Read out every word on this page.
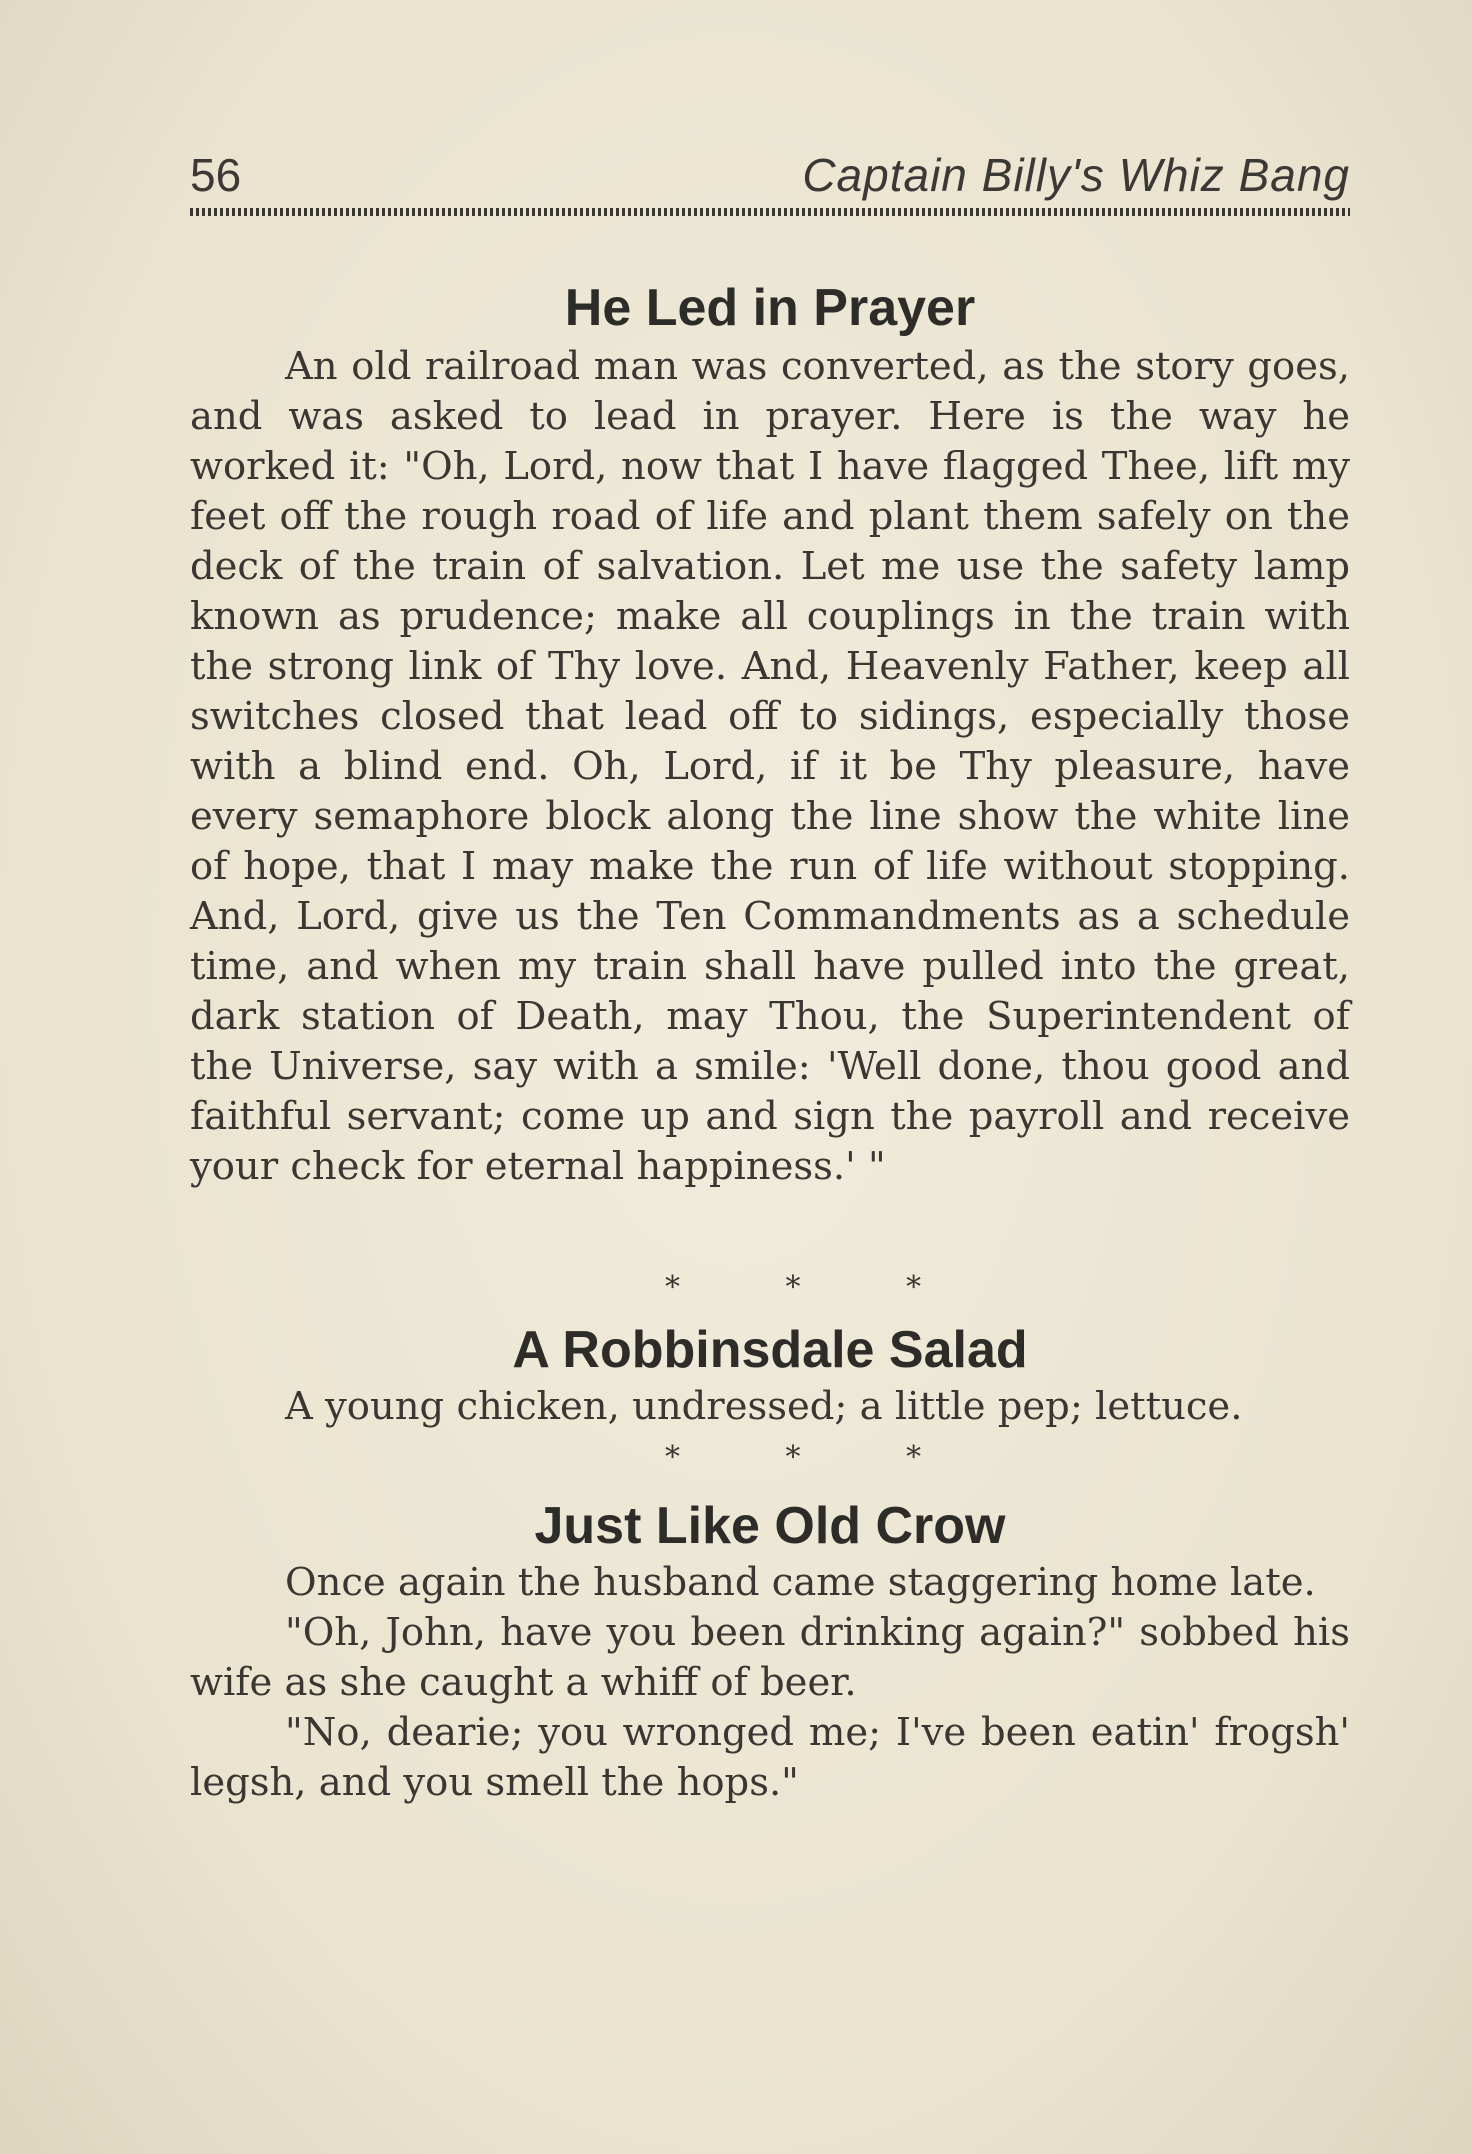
56	Captain Billy's Whiz Bang
He Led in Prayer

An old railroad man was converted, as the story goes, and was asked to lead in prayer. Here is the way he worked it: "Oh, Lord, now that I have flagged Thee, lift my feet off the rough road of life and plant them safely on the deck of the train of salvation. Let me use the safety lamp known as prudence; make all couplings in the train with the strong link of Thy love. And, Heavenly Father, keep all switches closed that lead off to sidings, especially those with a blind end. Oh, Lord, if it be Thy pleasure, have every semaphore block along the line show the white line of hope, that I may make the run of life without stopping. And, Lord, give us the Ten Commandments as a schedule time, and when my train shall have pulled into the great, dark station of Death, may Thou, the Superintendent of the Universe, say with a smile: 'Well done, thou good and faithful servant; come up and sign the payroll and receive your check for eternal happiness.' "

* * *
A Robbinsdale Salad

A young chicken, undressed; a little pep; lettuce.

* * *
Just Like Old Crow

Once again the husband came staggering home late.

"Oh, John, have you been drinking again?" sobbed his wife as she caught a whiff of beer.

"No, dearie; you wronged me; I've been eatin' frogsh' legsh, and you smell the hops."
